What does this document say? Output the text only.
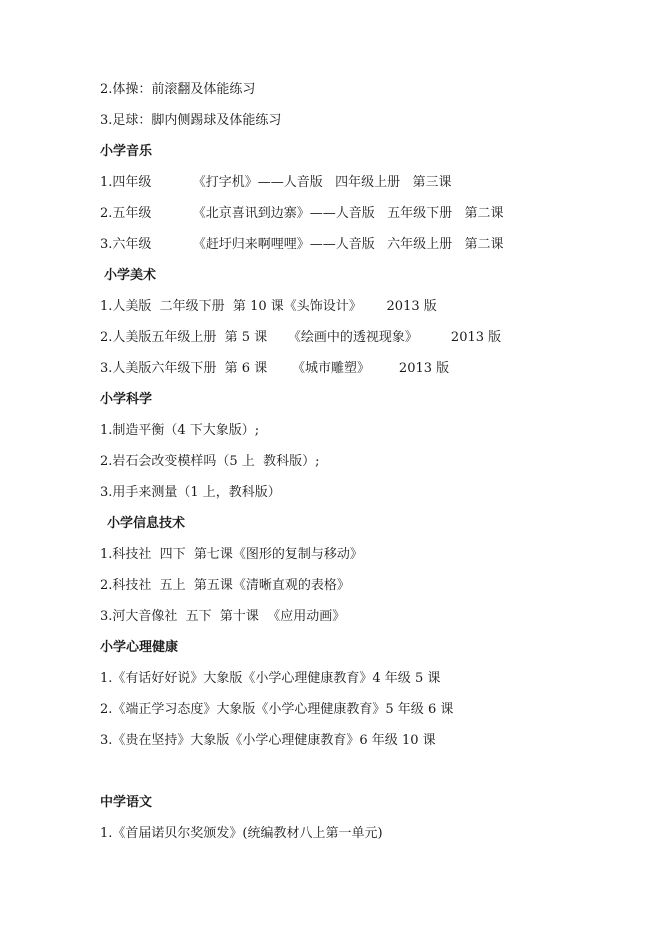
2.体操：前滚翻及体能练习
3.足球：脚内侧踢球及体能练习
小学音乐
1.四年级          《打字机》——人音版   四年级上册   第三课
2.五年级          《北京喜讯到边寨》——人音版   五年级下册   第二课
3.六年级          《赶圩归来啊哩哩》——人音版   六年级上册   第二课
小学美术
1.人美版  二年级下册  第 10 课《头饰设计》      2013 版
2.人美版五年级上册  第 5 课     《绘画中的透视现象》        2013 版
3.人美版六年级下册  第 6 课      《城市雕塑》       2013 版
小学科学
1.制造平衡（4 下大象版）;
2.岩石会改变模样吗（5 上  教科版）;
3.用手来测量（1 上，教科版）
小学信息技术
1.科技社  四下  第七课《图形的复制与移动》
2.科技社  五上  第五课《清晰直观的表格》
3.河大音像社  五下  第十课  《应用动画》
小学心理健康
1.《有话好好说》大象版《小学心理健康教育》4 年级 5 课
2.《端正学习态度》大象版《小学心理健康教育》5 年级 6 课
3.《贵在坚持》大象版《小学心理健康教育》6 年级 10 课
中学语文
1.《首届诺贝尔奖颁发》(统编教材八上第一单元)
